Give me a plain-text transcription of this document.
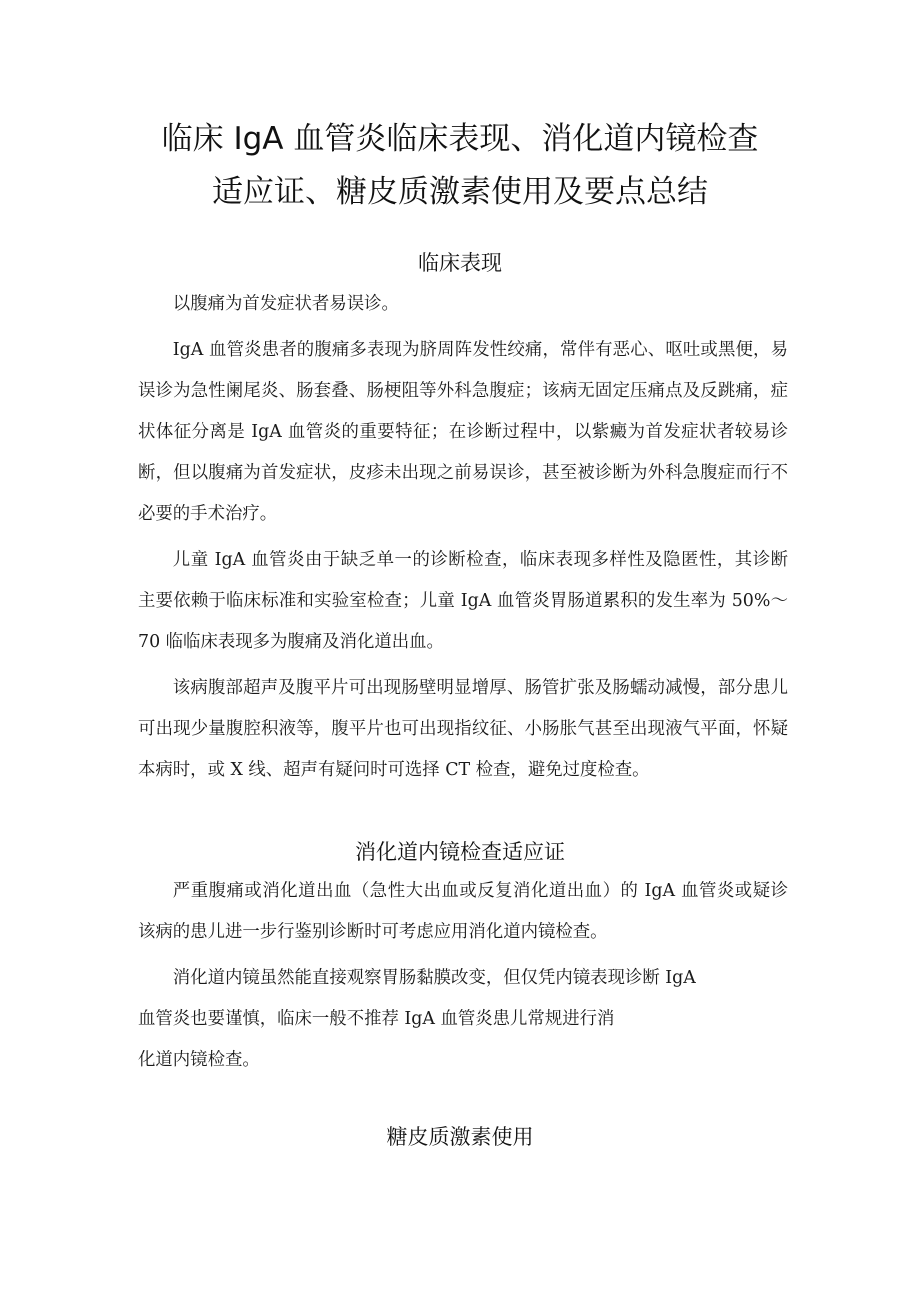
临床 IgA 血管炎临床表现、消化道内镜检查
适应证、糖皮质激素使用及要点总结
临床表现

以腹痛为首发症状者易误诊。

IgA 血管炎患者的腹痛多表现为脐周阵发性绞痛，常伴有恶心、呕吐或黑便，易误诊为急性阑尾炎、肠套叠、肠梗阻等外科急腹症；该病无固定压痛点及反跳痛，症状体征分离是 IgA 血管炎的重要特征；在诊断过程中，以紫癜为首发症状者较易诊断，但以腹痛为首发症状，皮疹未出现之前易误诊，甚至被诊断为外科急腹症而行不必要的手术治疗。

儿童 IgA 血管炎由于缺乏单一的诊断检查，临床表现多样性及隐匿性，其诊断主要依赖于临床标准和实验室检查；儿童 IgA 血管炎胃肠道累积的发生率为 50%～70 临临床表现多为腹痛及消化道出血。

该病腹部超声及腹平片可出现肠壁明显增厚、肠管扩张及肠蠕动减慢，部分患儿可出现少量腹腔积液等，腹平片也可出现指纹征、小肠胀气甚至出现液气平面，怀疑本病时，或 X 线、超声有疑问时可选择 CT 检查，避免过度检查。

消化道内镜检查适应证

严重腹痛或消化道出血（急性大出血或反复消化道出血）的 IgA 血管炎或疑诊该病的患儿进一步行鉴别诊断时可考虑应用消化道内镜检查。

消化道内镜虽然能直接观察胃肠黏膜改变，但仅凭内镜表现诊断 IgA
血管炎也要谨慎，临床一般不推荐 IgA 血管炎患儿常规进行消
化道内镜检查。

糖皮质激素使用
